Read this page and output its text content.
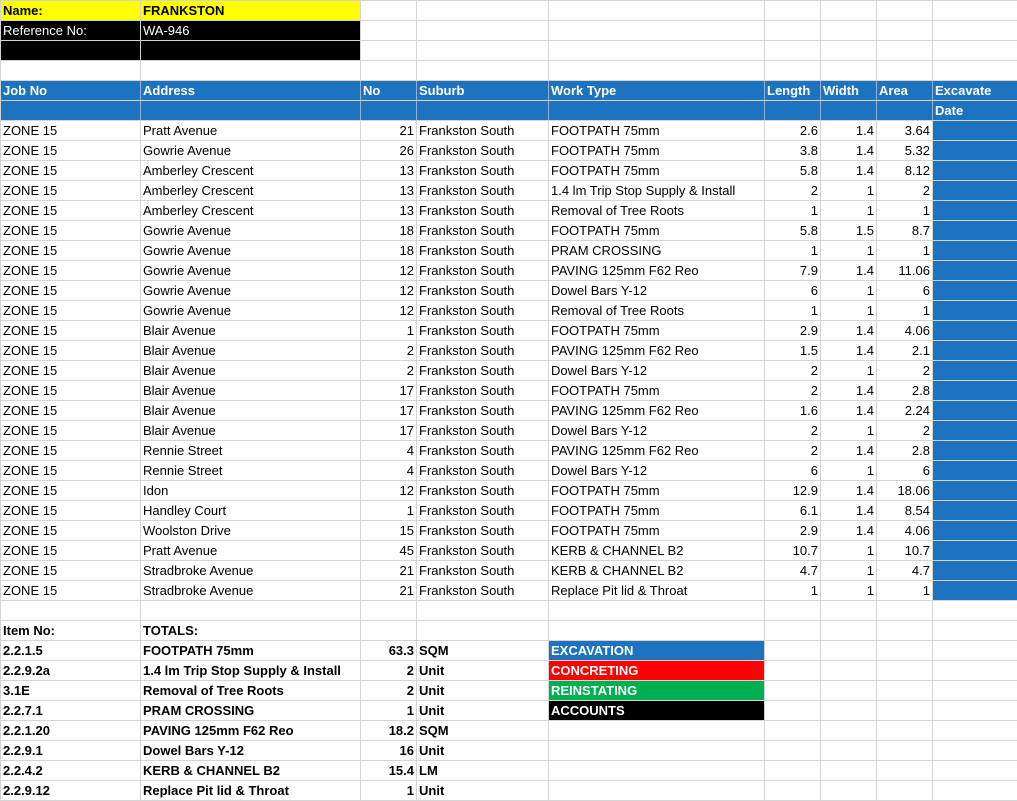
Name:	FRANKSTON							
Reference No:	WA-946							

Job No	Address	No	Suburb	Work Type	Length	Width	Area	Excavate
								Date
ZONE 15	Pratt Avenue	21	Frankston South	FOOTPATH 75mm	2.6	1.4	3.64	
ZONE 15	Gowrie Avenue	26	Frankston South	FOOTPATH 75mm	3.8	1.4	5.32	
ZONE 15	Amberley Crescent	13	Frankston South	FOOTPATH 75mm	5.8	1.4	8.12	
ZONE 15	Amberley Crescent	13	Frankston South	1.4 lm Trip Stop Supply & Install	2	1	2	
ZONE 15	Amberley Crescent	13	Frankston South	Removal of Tree Roots	1	1	1	
ZONE 15	Gowrie Avenue	18	Frankston South	FOOTPATH 75mm	5.8	1.5	8.7	
ZONE 15	Gowrie Avenue	18	Frankston South	PRAM CROSSING	1	1	1	
ZONE 15	Gowrie Avenue	12	Frankston South	PAVING 125mm F62 Reo	7.9	1.4	11.06	
ZONE 15	Gowrie Avenue	12	Frankston South	Dowel Bars Y-12	6	1	6	
ZONE 15	Gowrie Avenue	12	Frankston South	Removal of Tree Roots	1	1	1	
ZONE 15	Blair Avenue	1	Frankston South	FOOTPATH 75mm	2.9	1.4	4.06	
ZONE 15	Blair Avenue	2	Frankston South	PAVING 125mm F62 Reo	1.5	1.4	2.1	
ZONE 15	Blair Avenue	2	Frankston South	Dowel Bars Y-12	2	1	2	
ZONE 15	Blair Avenue	17	Frankston South	FOOTPATH 75mm	2	1.4	2.8	
ZONE 15	Blair Avenue	17	Frankston South	PAVING 125mm F62 Reo	1.6	1.4	2.24	
ZONE 15	Blair Avenue	17	Frankston South	Dowel Bars Y-12	2	1	2	
ZONE 15	Rennie Street	4	Frankston South	PAVING 125mm F62 Reo	2	1.4	2.8	
ZONE 15	Rennie Street	4	Frankston South	Dowel Bars Y-12	6	1	6	
ZONE 15	Idon	12	Frankston South	FOOTPATH 75mm	12.9	1.4	18.06	
ZONE 15	Handley Court	1	Frankston South	FOOTPATH 75mm	6.1	1.4	8.54	
ZONE 15	Woolston Drive	15	Frankston South	FOOTPATH 75mm	2.9	1.4	4.06	
ZONE 15	Pratt Avenue	45	Frankston South	KERB & CHANNEL B2	10.7	1	10.7	
ZONE 15	Stradbroke Avenue	21	Frankston South	KERB & CHANNEL B2	4.7	1	4.7	
ZONE 15	Stradbroke Avenue	21	Frankston South	Replace Pit lid & Throat	1	1	1	

Item No:	TOTALS:							
2.2.1.5	FOOTPATH 75mm	63.3	SQM	EXCAVATION				
2.2.9.2a	1.4 lm Trip Stop Supply & Install	2	Unit	CONCRETING				
3.1E	Removal of Tree Roots	2	Unit	REINSTATING				
2.2.7.1	PRAM CROSSING	1	Unit	ACCOUNTS				
2.2.1.20	PAVING 125mm F62 Reo	18.2	SQM					
2.2.9.1	Dowel Bars Y-12	16	Unit					
2.2.4.2	KERB & CHANNEL B2	15.4	LM					
2.2.9.12	Replace Pit lid & Throat	1	Unit					
